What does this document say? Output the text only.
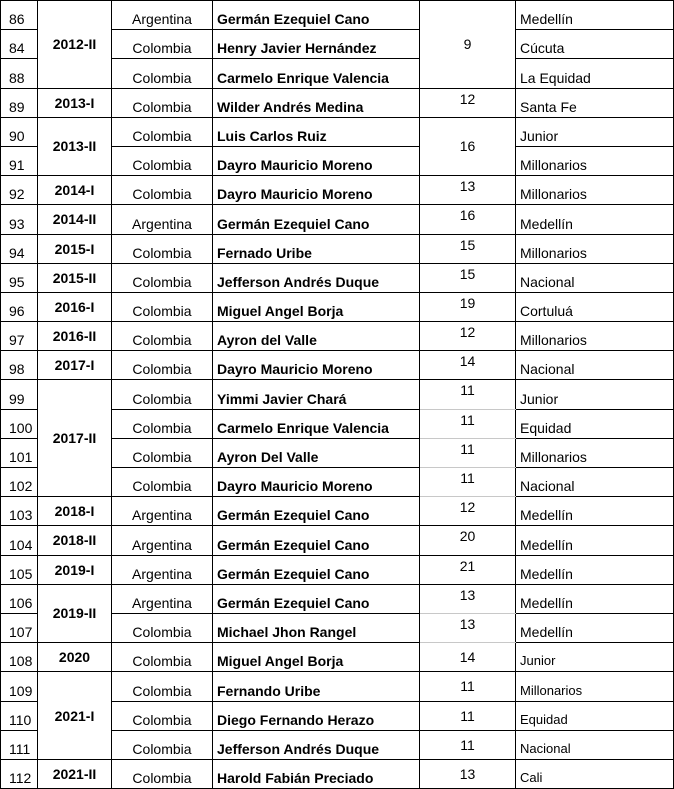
86	2012-II	Argentina	Germán Ezequiel Cano	9	Medellín
84		Colombia	Henry Javier Hernández		Cúcuta
88		Colombia	Carmelo Enrique Valencia		La Equidad
89	2013-I	Colombia	Wilder Andrés Medina	12	Santa Fe
90	2013-II	Colombia	Luis Carlos Ruiz	16	Junior
91		Colombia	Dayro Mauricio Moreno		Millonarios
92	2014-I	Colombia	Dayro Mauricio Moreno	13	Millonarios
93	2014-II	Argentina	Germán Ezequiel Cano	16	Medellín
94	2015-I	Colombia	Fernado Uribe	15	Millonarios
95	2015-II	Colombia	Jefferson Andrés Duque	15	Nacional
96	2016-I	Colombia	Miguel Angel Borja	19	Cortuluá
97	2016-II	Colombia	Ayron del Valle	12	Millonarios
98	2017-I	Colombia	Dayro Mauricio Moreno	14	Nacional
99	2017-II	Colombia	Yimmi Javier Chará	11	Junior
100		Colombia	Carmelo Enrique Valencia	11	Equidad
101		Colombia	Ayron Del Valle	11	Millonarios
102		Colombia	Dayro Mauricio Moreno	11	Nacional
103	2018-I	Argentina	Germán Ezequiel Cano	12	Medellín
104	2018-II	Argentina	Germán Ezequiel Cano	20	Medellín
105	2019-I	Argentina	Germán Ezequiel Cano	21	Medellín
106	2019-II	Argentina	Germán Ezequiel Cano	13	Medellín
107		Colombia	Michael Jhon Rangel	13	Medellín
108	2020	Colombia	Miguel Angel Borja	14	Junior
109	2021-I	Colombia	Fernando Uribe	11	Millonarios
110		Colombia	Diego Fernando Herazo	11	Equidad
111		Colombia	Jefferson Andrés Duque	11	Nacional
112	2021-II	Colombia	Harold Fabián Preciado	13	Cali
